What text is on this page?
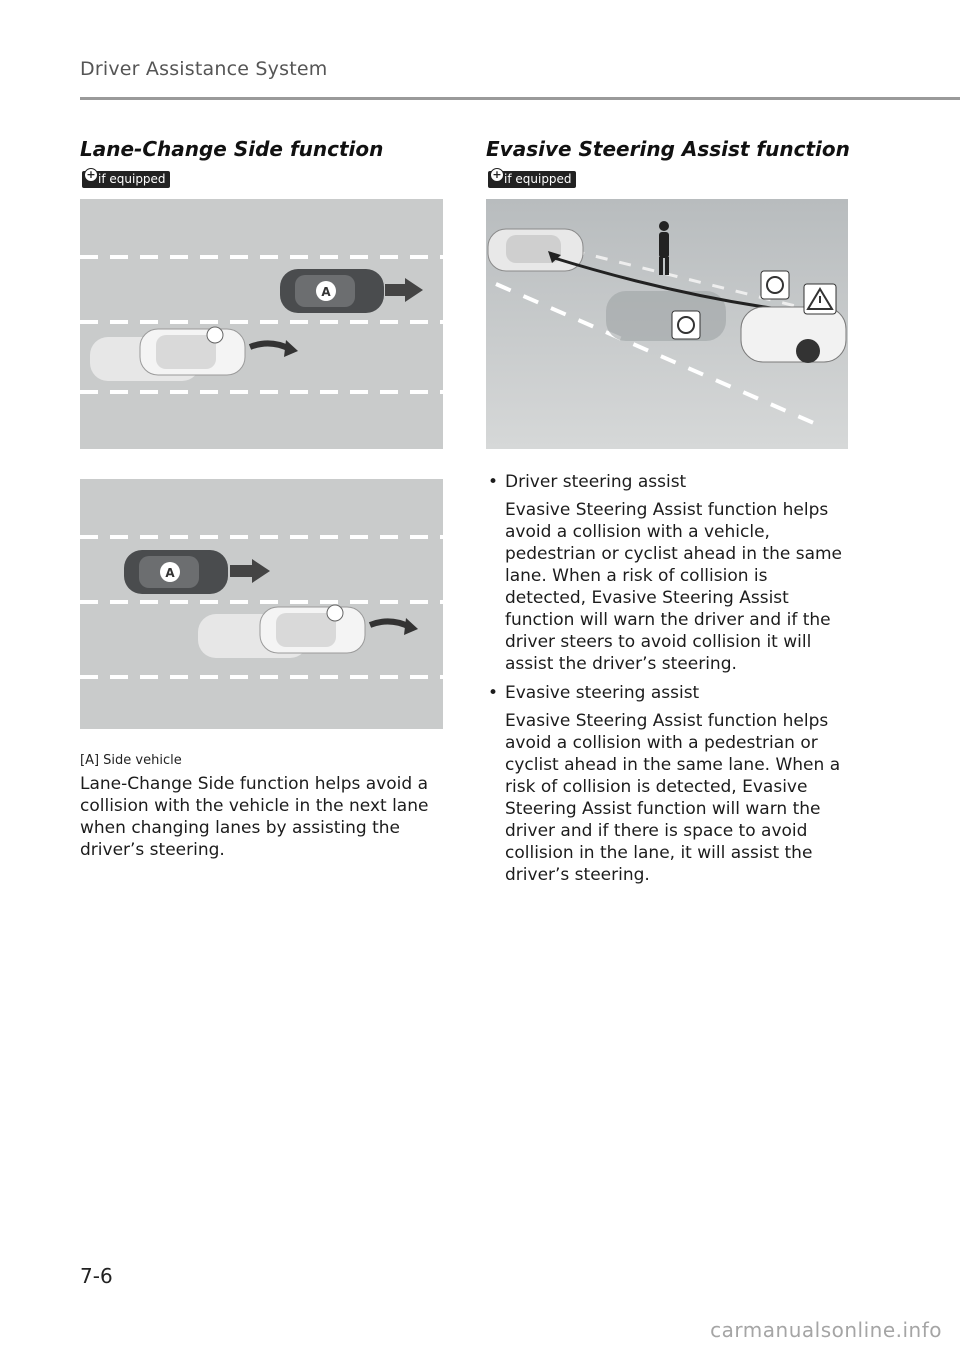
Driver Assistance System
Lane-Change Side function
+ if equipped
A
A
[A] Side vehicle
Lane-Change Side function helps avoid a collision with the vehicle in the next lane when changing lanes by assisting the driver’s steering.
Evasive Steering Assist function
+ if equipped
• Driver steering assist
Evasive Steering Assist function helps avoid a collision with a vehicle, pedestrian or cyclist ahead in the same lane. When a risk of collision is detected, Evasive Steering Assist function will warn the driver and if the driver steers to avoid collision it will assist the driver’s steering.
• Evasive steering assist
Evasive Steering Assist function helps avoid a collision with a pedestrian or cyclist ahead in the same lane. When a risk of collision is detected, Evasive Steering Assist function will warn the driver and if there is space to avoid collision in the lane, it will assist the driver’s steering.
7-6
carmanualsonline.info
